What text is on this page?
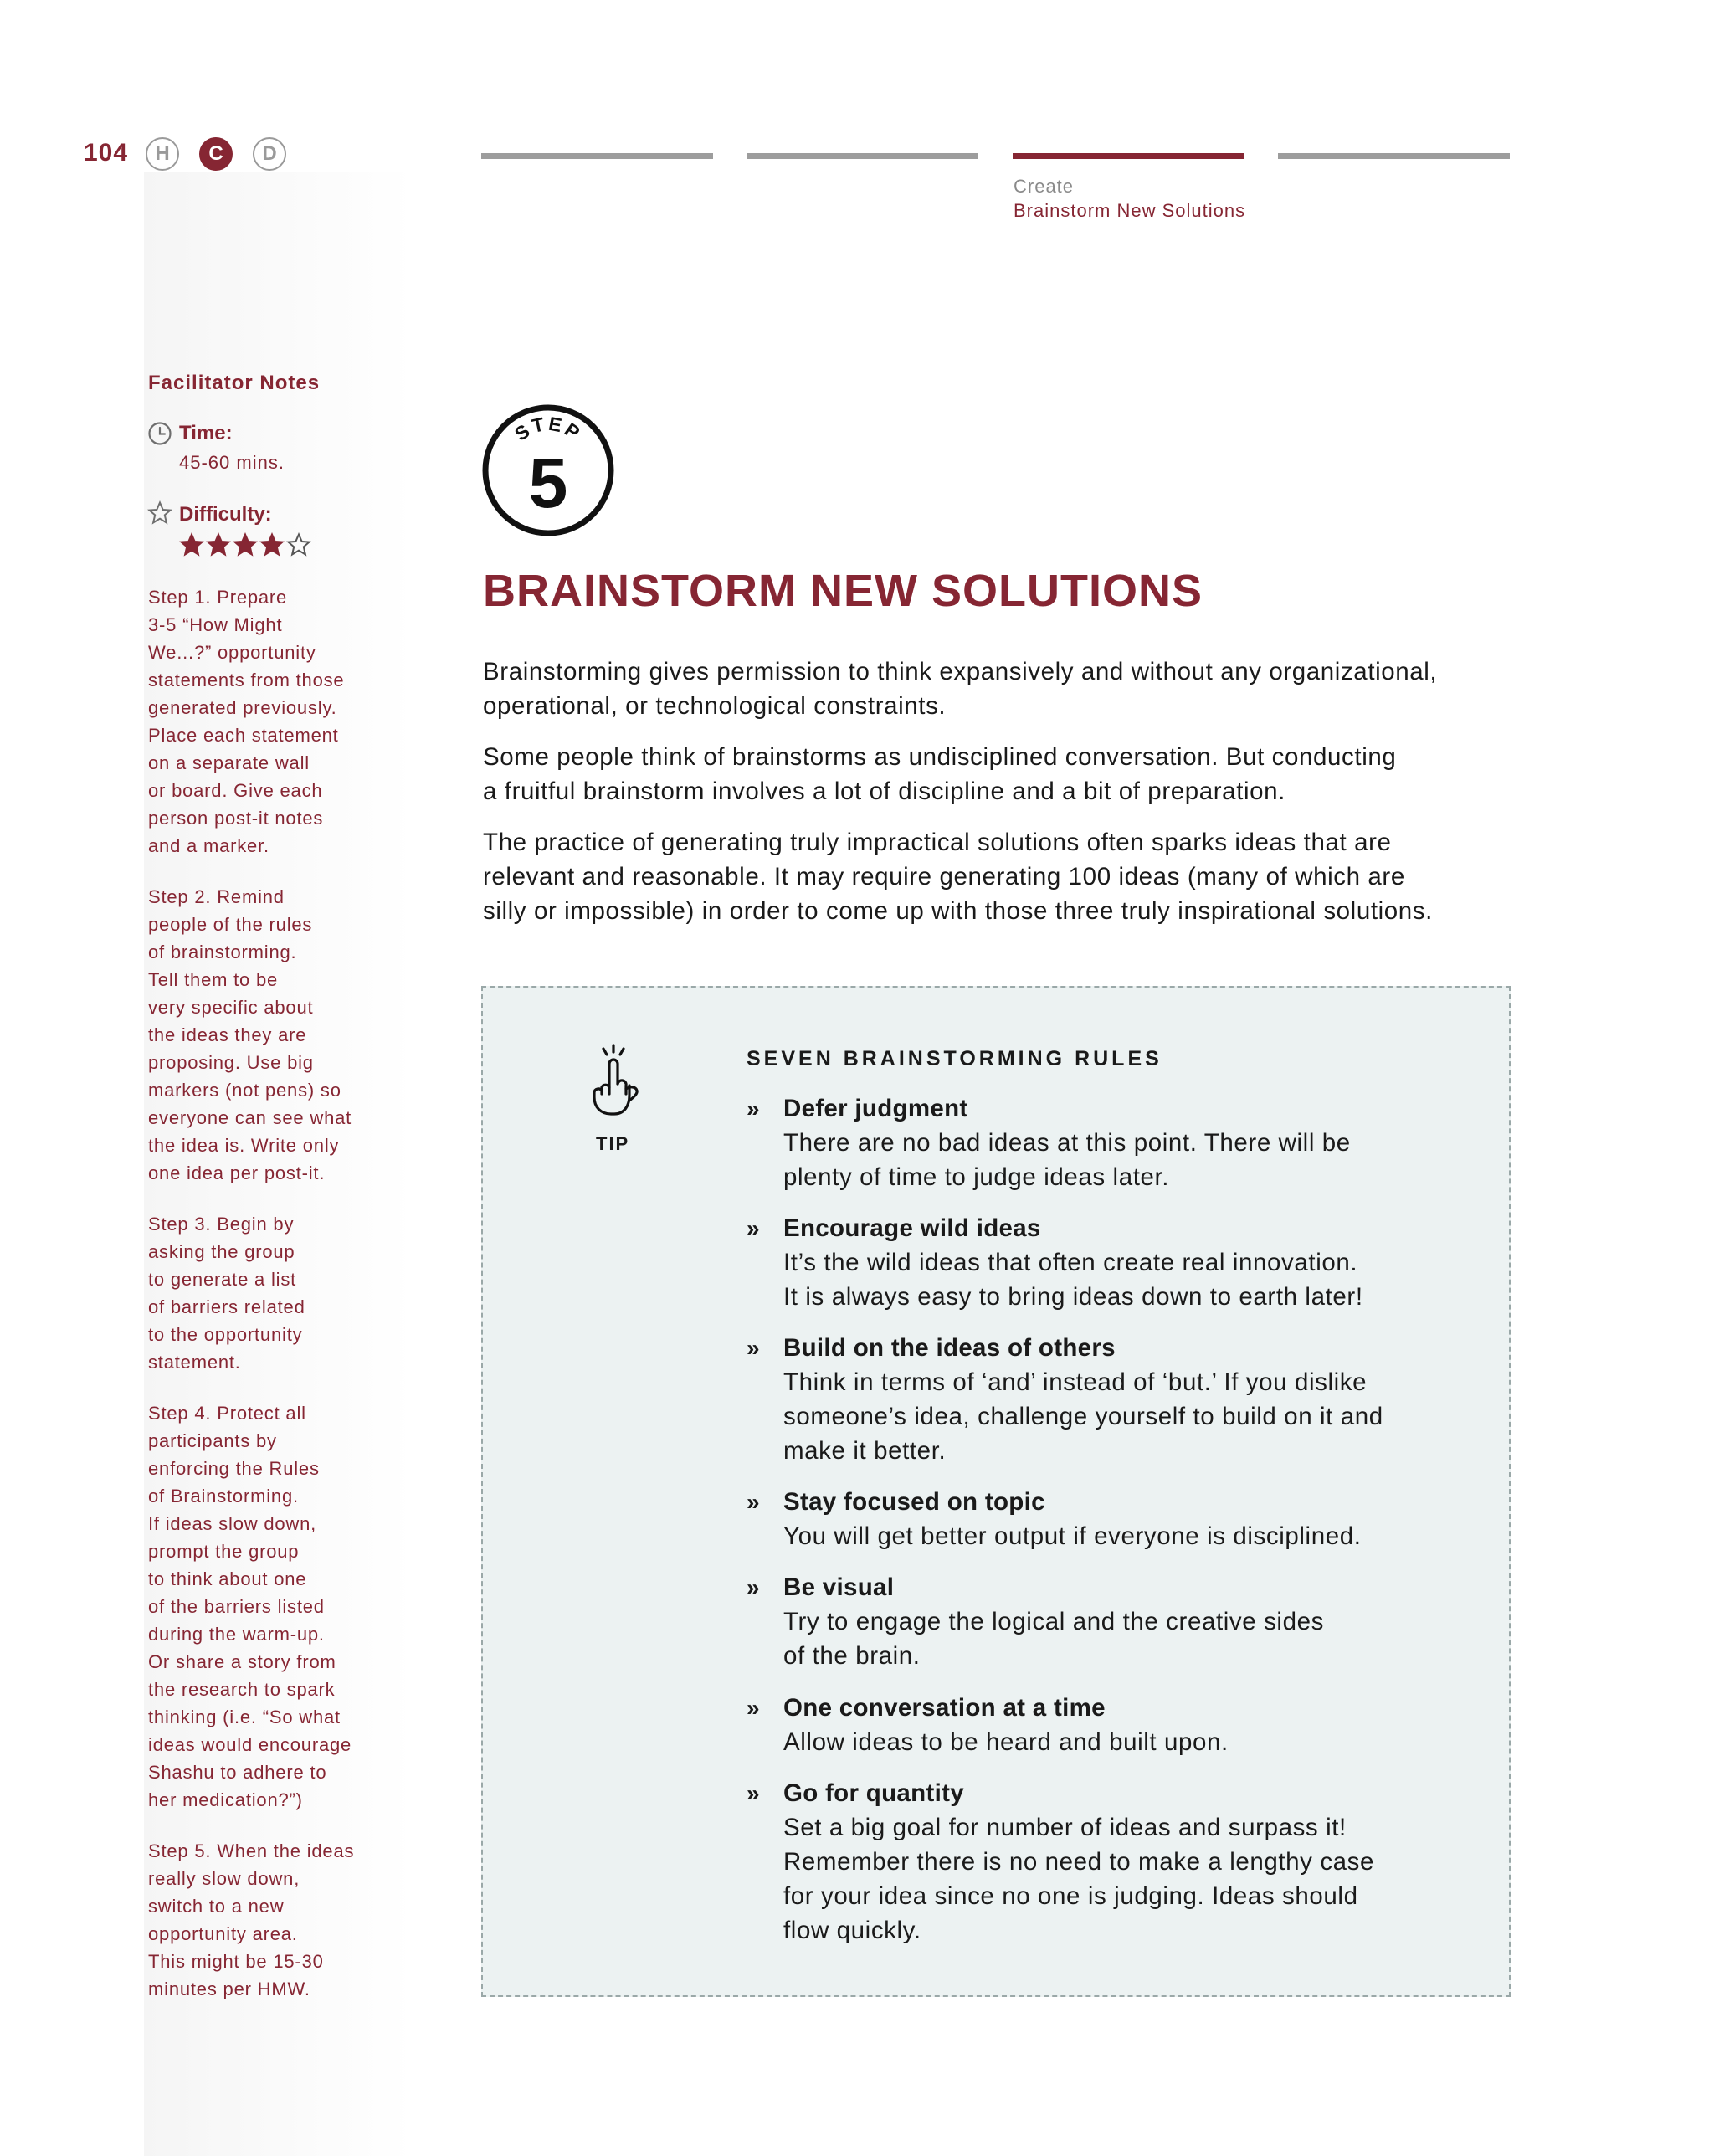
104	H	C	D
Create
Brainstorm New Solutions
Facilitator Notes
Time:
45-60 mins.
Difficulty:

Step 1. Prepare
3-5 “How Might
We...?” opportunity
statements from those
generated previously.
Place each statement
on a separate wall
or board. Give each
person post-it notes
and a marker.

Step 2. Remind
people of the rules
of brainstorming.
Tell them to be
very specific about
the ideas they are
proposing. Use big
markers (not pens) so
everyone can see what
the idea is. Write only
one idea per post-it.

Step 3. Begin by
asking the group
to generate a list
of barriers related
to the opportunity
statement.

Step 4. Protect all
participants by
enforcing the Rules
of Brainstorming.
If ideas slow down,
prompt the group
to think about one
of the barriers listed
during the warm-up.
Or share a story from
the research to spark
thinking (i.e. “So what
ideas would encourage
Shashu to adhere to
her medication?”)

Step 5. When the ideas
really slow down,
switch to a new
opportunity area.
This might be 15-30
minutes per HMW.

STEP
5
BRAINSTORM NEW SOLUTIONS

Brainstorming gives permission to think expansively and without any organizational,
operational, or technological constraints.

Some people think of brainstorms as undisciplined conversation. But conducting
a fruitful brainstorm involves a lot of discipline and a bit of preparation.

The practice of generating truly impractical solutions often sparks ideas that are
relevant and reasonable. It may require generating 100 ideas (many of which are
silly or impossible) in order to come up with those three truly inspirational solutions.

TIP
SEVEN BRAINSTORMING RULES
» Defer judgment

There are no bad ideas at this point. There will be
plenty of time to judge ideas later.

» Encourage wild ideas

It’s the wild ideas that often create real innovation.
It is always easy to bring ideas down to earth later!

» Build on the ideas of others

Think in terms of ‘and’ instead of ‘but.’ If you dislike
someone’s idea, challenge yourself to build on it and
make it better.

» Stay focused on topic

You will get better output if everyone is disciplined.

» Be visual

Try to engage the logical and the creative sides
of the brain.

» One conversation at a time

Allow ideas to be heard and built upon.

» Go for quantity

Set a big goal for number of ideas and surpass it!
Remember there is no need to make a lengthy case
for your idea since no one is judging. Ideas should
flow quickly.
